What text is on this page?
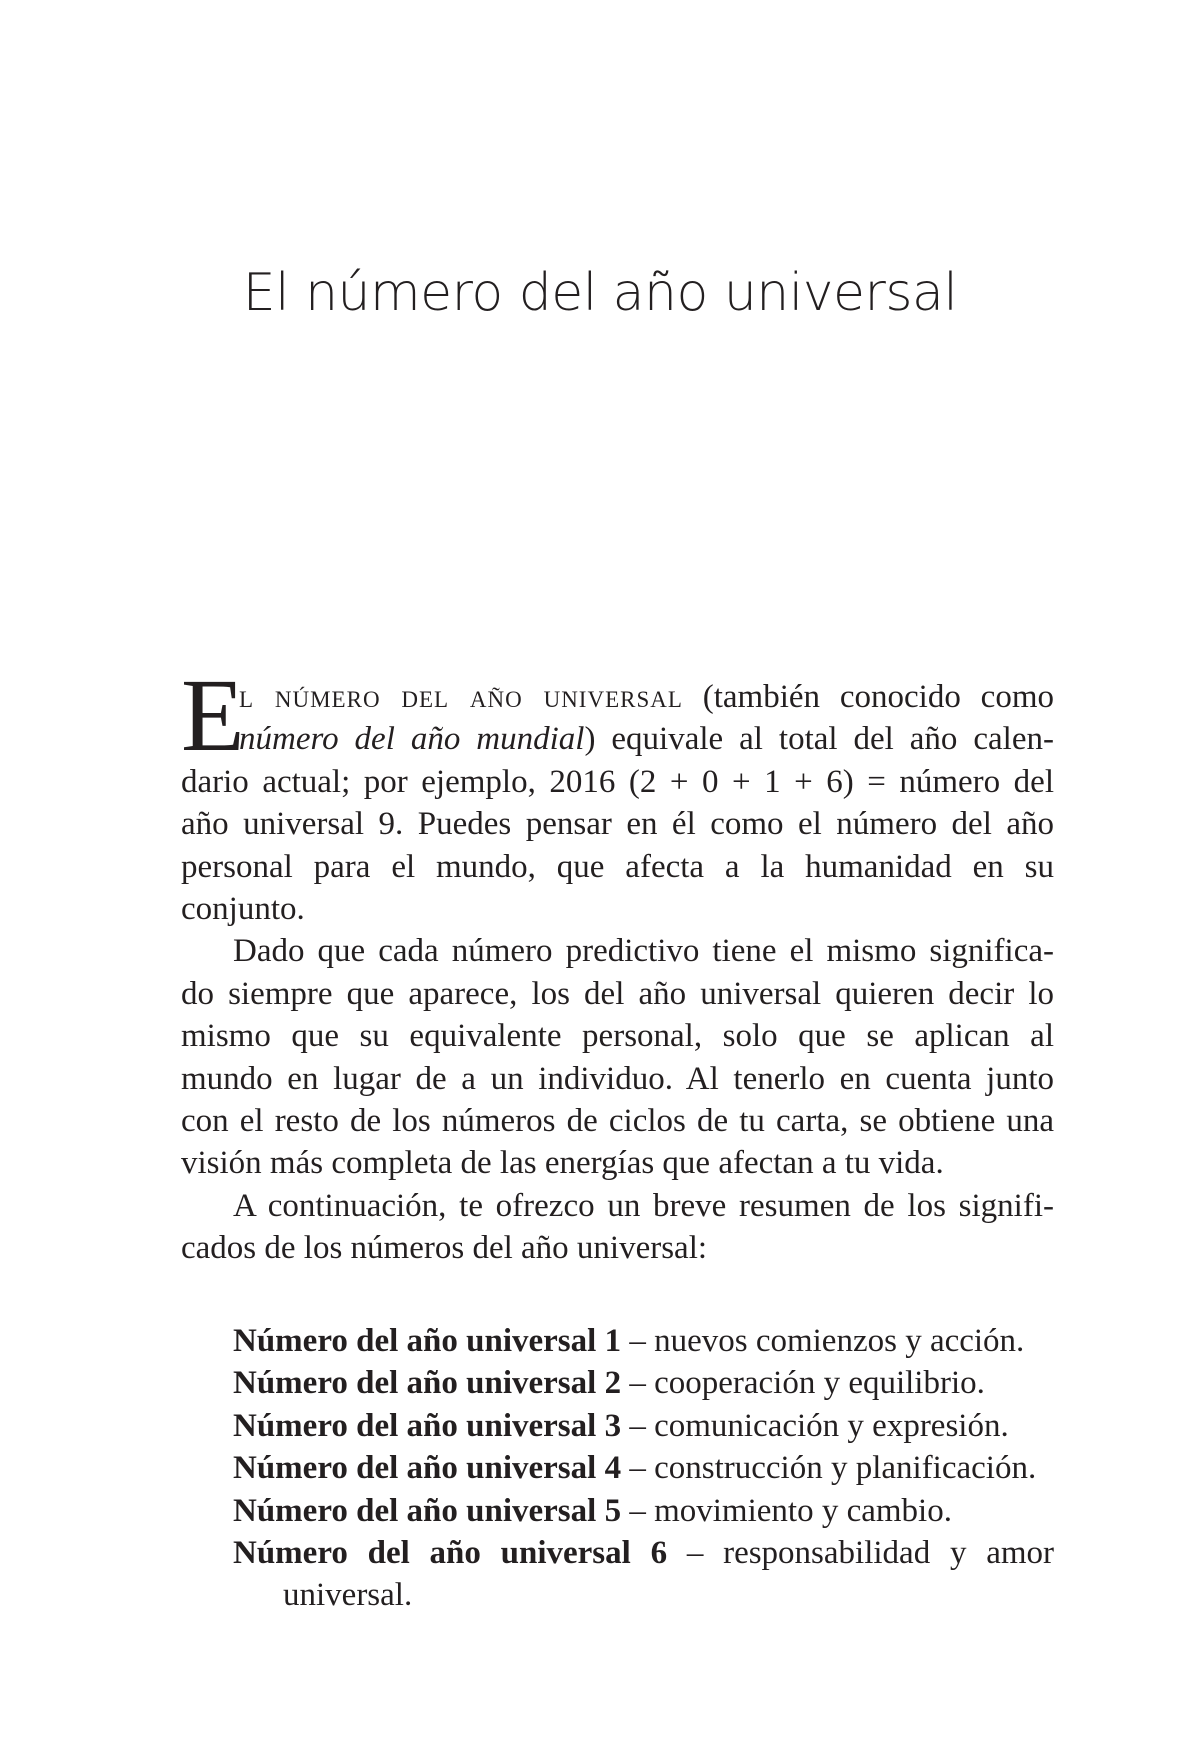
El número del año universal
E
l número del año universal (también conocido como
número del año mundial) equivale al total del año calen-
dario actual; por ejemplo, 2016 (2 + 0 + 1 + 6) = número del
año universal 9. Puedes pensar en él como el número del año
personal para el mundo, que afecta a la humanidad en su
conjunto.
Dado que cada número predictivo tiene el mismo significa-
do siempre que aparece, los del año universal quieren decir lo
mismo que su equivalente personal, solo que se aplican al
mundo en lugar de a un individuo. Al tenerlo en cuenta junto
con el resto de los números de ciclos de tu carta, se obtiene una
visión más completa de las energías que afectan a tu vida.
A continuación, te ofrezco un breve resumen de los signifi-
cados de los números del año universal:
Número del año universal 1 – nuevos comienzos y acción.
Número del año universal 2 – cooperación y equilibrio.
Número del año universal 3 – comunicación y expresión.
Número del año universal 4 – construcción y planificación.
Número del año universal 5 – movimiento y cambio.
Número del año universal 6 – responsabilidad y amor
universal.
